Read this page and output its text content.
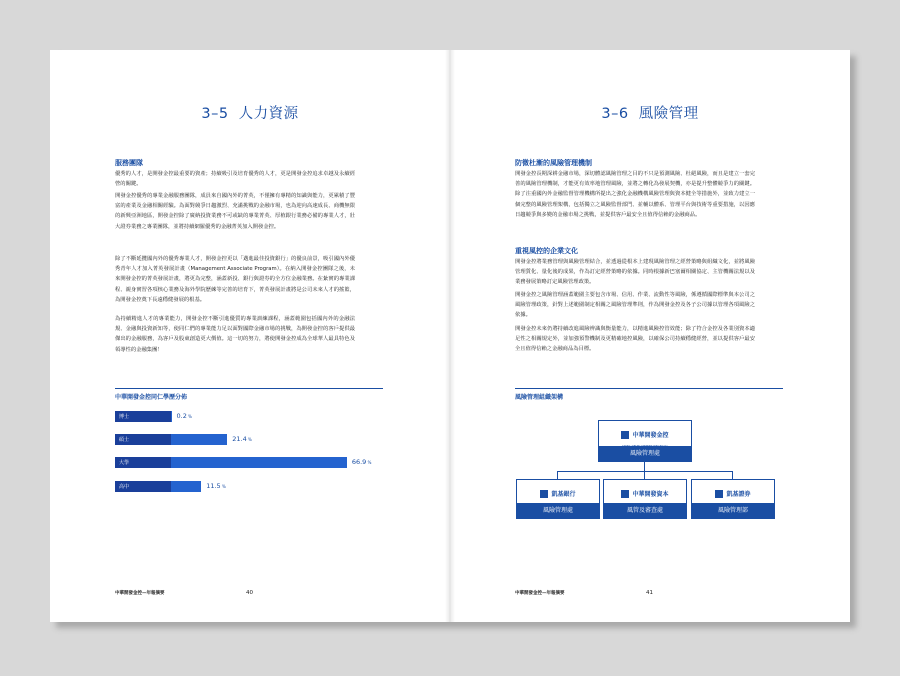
3–5 人力資源
服務團隊
優秀的人才，是開發金控最重要的資產；持續吸引及培育優秀的人才，更是開發金控追求卓越及永續經營的關鍵。
開發金控優秀的專業金融服務團隊，成員來自國內外的菁英，不僅擁有專精的知識與能力，更累積了豐富的產業及金融相關經驗。為面對競爭日趨激烈、充滿挑戰的金融市場，也為迎向高速成長、商機無限的新興亞洲地區，開發金控除了廣納投資業務不可或缺的專業菁英、厚植銀行業務必備的專業人才，壯大證券業務之專業團隊，並將持續網羅優秀的金融菁英加入開發金控。
除了不斷延攬國內外的優秀專業人才，開發金控更以「邁進最佳投資銀行」的優良前景，吸引國內外優秀青年人才加入菁英發展計畫（Management Associate Program）。在納入開發金控團隊之後，未來開發金控的菁英發展計畫，將更為完整，涵蓋新投、銀行與證券的全方位金融業務。在紮實的專業課程、親身實習各項核心業務及海外學院歷練等完善的培育下，菁英發展計畫將是公司未來人才的搖籃，為開發金控奠下長遠穩健發展的根基。
為持續精進人才的專業能力，開發金控不斷引進優質的專業訓練課程，涵蓋範圍包括國內外的金融法規、金融與投資新知等，使同仁們的專業能力足以面對國際金融市場的挑戰，為開發金控的客戶提供最傑出的金融服務，為客戶及股東創造更大價值。這一切的努力，將使開發金控成為全球華人最具特色及領導性的金融集團！
中華開發金控同仁學歷分佈
中華開發金控—年報摘要	40
博士	0.2 %
碩士	21.4 %
大學	66.9 %
高中	11.5 %
3–6 風險管理
防微杜漸的風險管理機制
開發金控長期深耕金融市場，深切體認風險管理之目的不只是預測風險、杜絕風險，而且是建立一套完善的風險管理機制，才能更有效率地管理風險，並將之轉化為發展契機，亦是提升整體競爭力的關鍵。除了注重國內外金融監督管理機構所提出之強化金融機構風險管理與資本健全等措施外，並致力建立一個完整的風險管理架構，包括獨立之風險監督部門、並輔以體系、管理平台與技術等重要措施，以因應日趨競爭與多變的金融市場之挑戰，並提供客戶最安全且值得信賴的金融商品。
重視風控的企業文化
開發金控將業務管理與風險管理結合，並透過從根本上建現風險管理之經營策略與組織文化，並將風險管理質化、量化後的成果，作為訂定經營策略的依據。同時根據新巴塞爾相關協定、主管機關法規以及業務發展策略訂定風險管理政策。
開發金控之風險管理涵蓋範圍主要包含市場、信用、作業、流動性等風險，係遵循國際標準與本公司之風險管理政策，針對上述範圍制定相關之風險管理準則，作為開發金控及各子公司據以管理各項風險之依據。
開發金控未來仍將持續改進風險辨識與衡量能力，以精進風險控管效能；除了符合金控及各業別資本適足性之相關規定外，並加強預警機制及更精確地控風險，以確保公司持續穩健經營，並以提供客戶最安全且值得信賴之金融商品為目標。
風險管理組織架構
中華開發金控
風險管理處
凱基銀行
風險管理處
中華開發資本
風管及審查處
凱基證券
風險管理部
中華開發金控—年報摘要	41
